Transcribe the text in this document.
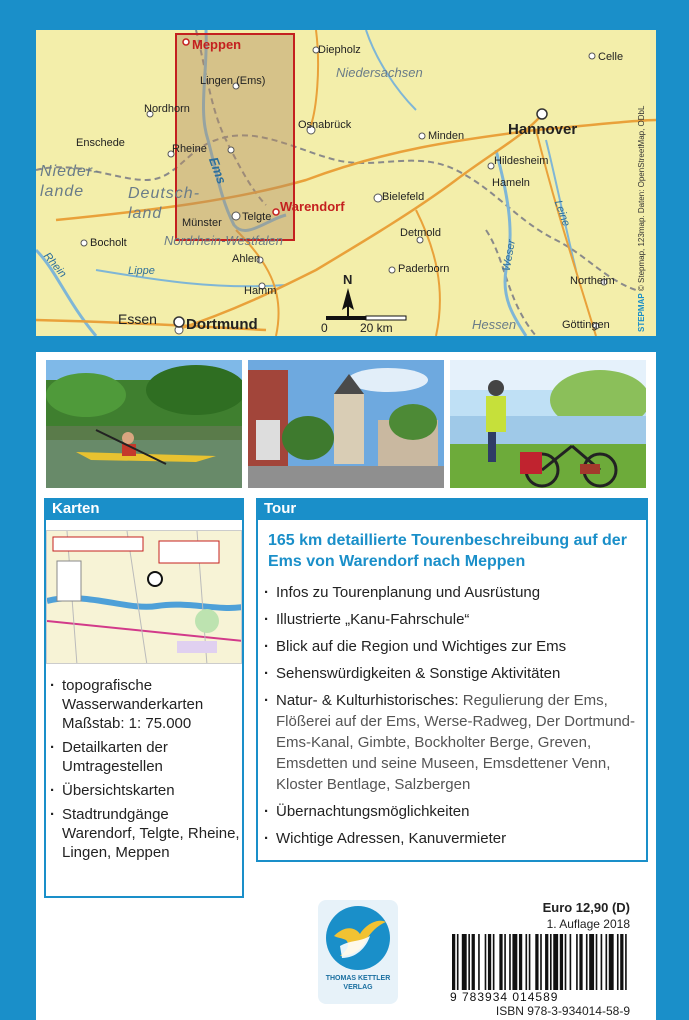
Meppen
Warendorf
Hannover
Dortmund
Diepholz
Celle
Lingen (Ems)
Nordhorn
Osnabrück
Minden
Enschede	Rheine
Hildesheim
Hameln
Bielefeld
Münster Telgte
Detmold
Bocholt
Ahlen
Paderborn
Hamm
Northeim
Essen	Göttingen
Niedersachsen
Nordrhein-Westfalen
Hessen
Nieder-
lande	Deutsch-
land
Ems
Rhein	Lippe	Weser
Leine
N
0	20 km	STEPMAP © Stepmap, 123map. Daten: OpenStreetMap, ODbL
Karten
· topografische Wasserwanderkarten Maßstab: 1: 75.000
· Detailkarten der Umtragestellen
· Übersichtskarten
· Stadtrundgänge Warendorf, Telgte, Rheine, Lingen, Meppen
Tour
165 km detaillierte Tourenbeschreibung auf der Ems von Warendorf nach Meppen
· Infos zu Tourenplanung und Ausrüstung
· Illustrierte „Kanu-Fahrschule“
· Blick auf die Region und Wichtiges zur Ems
· Sehenswürdigkeiten & Sonstige Aktivitäten
· Natur- & Kulturhistorisches: Regulierung der Ems, Flößerei auf der Ems, Werse-Radweg, Der Dortmund-Ems-Kanal, Gimbte, Bockholter Berge, Greven, Emsdetten und seine Museen, Emsdettener Venn, Kloster Bentlage, Salzbergen
· Übernachtungsmöglichkeiten
· Wichtige Adressen, Kanuvermieter
THOMAS KETTLER
VERLAG
Euro 12,90 (D)
1. Auflage 2018
9 783934 014589
ISBN 978-3-934014-58-9
